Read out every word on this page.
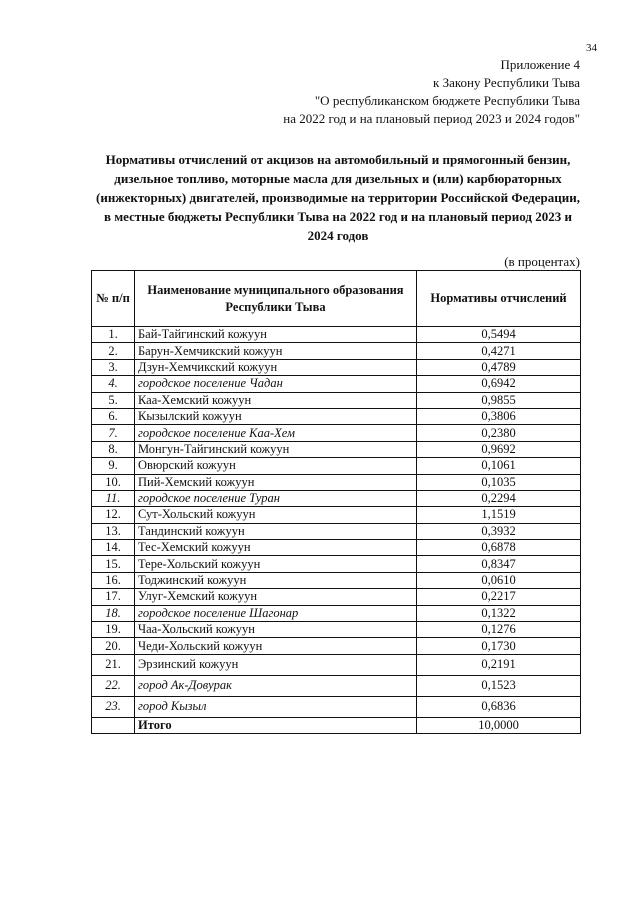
34
Приложение 4
к Закону Республики Тыва
"О республиканском бюджете Республики Тыва
на 2022 год и на плановый период 2023 и 2024 годов"
Нормативы отчислений от акцизов на автомобильный и прямогонный бензин,
дизельное топливо, моторные масла для дизельных и (или) карбюраторных
(инжекторных) двигателей, производимые на территории Российской Федерации,
в местные бюджеты Республики Тыва на 2022 год и на плановый период 2023 и
2024 годов
(в процентах)
№ п/п	Наименование муниципального образования Республики Тыва	Нормативы отчислений
1.	Бай-Тайгинский кожуун	0,5494
2.	Барун-Хемчикский кожуун	0,4271
3.	Дзун-Хемчикский кожуун	0,4789
4.	городское поселение Чадан	0,6942
5.	Каа-Хемский кожуун	0,9855
6.	Кызылский кожуун	0,3806
7.	городское поселение Каа-Хем	0,2380
8.	Монгун-Тайгинский кожуун	0,9692
9.	Овюрский кожуун	0,1061
10.	Пий-Хемский кожуун	0,1035
11.	городское поселение Туран	0,2294
12.	Сут-Хольский кожуун	1,1519
13.	Тандинский кожуун	0,3932
14.	Тес-Хемский кожуун	0,6878
15.	Тере-Хольский кожуун	0,8347
16.	Тоджинский кожуун	0,0610
17.	Улуг-Хемский кожуун	0,2217
18.	городское поселение Шагонар	0,1322
19.	Чаа-Хольский кожуун	0,1276
20.	Чеди-Хольский кожуун	0,1730
21.	Эрзинский кожуун	0,2191
22.	город Ак-Довурак	0,1523
23.	город Кызыл	0,6836
	Итого	10,0000
